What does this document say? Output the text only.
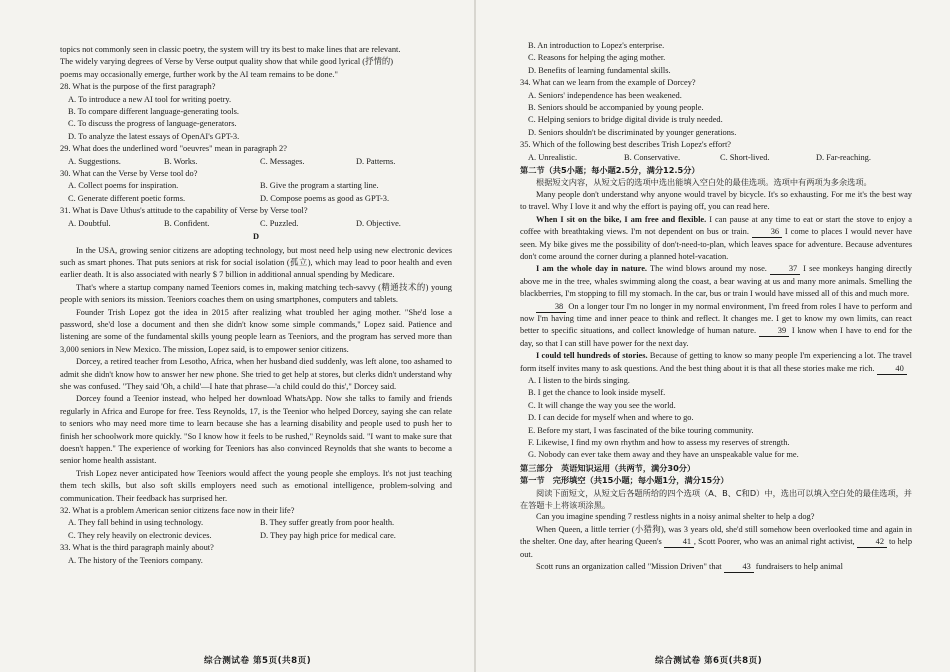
topics not commonly seen in classic poetry, the system will try its best to make lines that are relevant.

The widely varying degrees of Verse by Verse output quality show that while good lyrical (抒情的)

poems may occasionally emerge, further work by the AI team remains to be done."

28. What is the purpose of the first paragraph?

A. To introduce a new AI tool for writing poetry.

B. To compare different language-generating tools.

C. To discuss the progress of language-generators.

D. To analyze the latest essays of OpenAI's GPT-3.

29. What does the underlined word "oeuvres" mean in paragraph 2?

A. Suggestions.	B. Works.	C. Messages.	D. Patterns.

30. What can the Verse by Verse tool do?

A. Collect poems for inspiration.	B. Give the program a starting line.
C. Generate different poetic forms.	D. Compose poems as good as GPT-3.

31. What is Dave Uthus's attitude to the capability of Verse by Verse tool?

A. Doubtful.	B. Confident.	C. Puzzled.	D. Objective.

D

In the USA, growing senior citizens are adopting technology, but most need help using new electronic devices such as smart phones. That puts seniors at risk for social isolation (孤立), which may lead to poor health and even earlier death. It is also associated with nearly $ 7 billion in additional annual spending by Medicare.

That's where a startup company named Teeniors comes in, making matching tech-savvy (精通技术的) young people with seniors its mission. Teeniors coaches them on using smartphones, computers and tablets.

Founder Trish Lopez got the idea in 2015 after realizing what troubled her aging mother. "She'd lose a password, she'd lose a document and then she didn't know some simple commands," Lopez said. Patience and listening are some of the fundamental skills young people learn as Teeniors, and the program has served more than 3,000 seniors in New Mexico. The mission, Lopez said, is to empower senior citizens.

Dorcey, a retired teacher from Lesotho, Africa, when her husband died suddenly, was left alone, too ashamed to admit she didn't know how to answer her new phone. She tried to get help at stores, but clerks didn't understand why she was confused. "They said 'Oh, a child'—I hate that phrase—'a child could do this'," Dorcey said.

Dorcey found a Teenior instead, who helped her download WhatsApp. Now she talks to family and friends regularly in Africa and Europe for free. Tess Reynolds, 17, is the Teenior who helped Dorcey, saying she can relate to seniors who may need more time to learn because she has a learning disability and people used to push her to finish her schoolwork more quickly. "So I know how it feels to be rushed," Reynolds said. "I want to make sure that doesn't happen." The experience of working for Teeniors has also convinced Reynolds that she wants to become a senior home health assistant.

Trish Lopez never anticipated how Teeniors would affect the young people she employs. It's not just teaching them tech skills, but also soft skills employers need such as emotional intelligence, problem-solving and communication. Their feedback has surprised her.

32. What is a problem American senior citizens face now in their life?

A. They fall behind in using technology.	B. They suffer greatly from poor health.
C. They rely heavily on electronic devices.	D. They pay high price for medical care.

33. What is the third paragraph mainly about?

A. The history of the Teeniors company.

综合测试卷 第5页(共8页)

B. An introduction to Lopez's enterprise.

C. Reasons for helping the aging mother.

D. Benefits of learning fundamental skills.

34. What can we learn from the example of Dorcey?

A. Seniors' independence has been weakened.

B. Seniors should be accompanied by young people.

C. Helping seniors to bridge digital divide is truly needed.

D. Seniors shouldn't be discriminated by younger generations.

35. Which of the following best describes Trish Lopez's effort?

A. Unrealistic.	B. Conservative.	C. Short-lived.	D. Far-reaching.

第二节（共5小题；每小题2.5分，满分12.5分）

根据短文内容，从短文后的选项中选出能填入空白处的最佳选项。选项中有两项为多余选项。

Many people don't understand why anyone would travel by bicycle. It's so exhausting. For me it's the best way to travel. Why I love it and why the effort is paying off, you can read here.

When I sit on the bike, I am free and flexible. I can pause at any time to eat or start the stove to enjoy a coffee with breathtaking views. I'm not dependent on bus or train.	36 I come to places I would never have seen. My bike gives me the possibility of don't-need-to-plan, which leaves space for adventure. Because adventures don't come around the corner during a planned hotel-vacation.

I am the whole day in nature. The wind blows around my nose.	37 I see monkeys hanging directly above me in the tree, whales swimming along the coast, a bear waving at us and many more animals. Smelling the blackberries, I'm stopping to fill my stomach. In the car, bus or train I would have missed all of this and much more.

38 On a longer tour I'm no longer in my normal environment, I'm freed from roles I have to perform and now I'm having time and inner peace to think and reflect. It changes me. I get to know my own limits, can react better to specific situations, and collect knowledge of human nature.	39 I know when I have to end for the day, so that I can still have power for the next day.

I could tell hundreds of stories. Because of getting to know so many people I'm experiencing a lot. The travel form itself invites many to ask questions. And the best thing about it is that all these stories make me rich. 40

A. I listen to the birds singing.

B. I get the chance to look inside myself.

C. It will change the way you see the world.

D. I can decide for myself when and where to go.

E. Before my start, I was fascinated of the bike touring community.

F. Likewise, I find my own rhythm and how to assess my reserves of strength.

G. Nobody can ever take them away and they have an unspeakable value for me.

第三部分　英语知识运用（共两节，满分30分）

第一节　完形填空（共15小题；每小题1分，满分15分）

阅读下面短文，从短文后各题所给的四个选项（A、B、C和D）中，选出可以填入空白处的最佳选项，并在答题卡上将该项涂黑。

Can you imagine spending 7 restless nights in a noisy animal shelter to help a dog?

When Queen, a little terrier (小猎狗), was 3 years old, she'd still somehow been overlooked time and again in the shelter. One day, after hearing Queen's 41 , Scott Poorer, who was an animal right activist, 42 to help out.

Scott runs an organization called "Mission Driven" that 43 fundraisers to help animal

综合测试卷 第6页(共8页)
